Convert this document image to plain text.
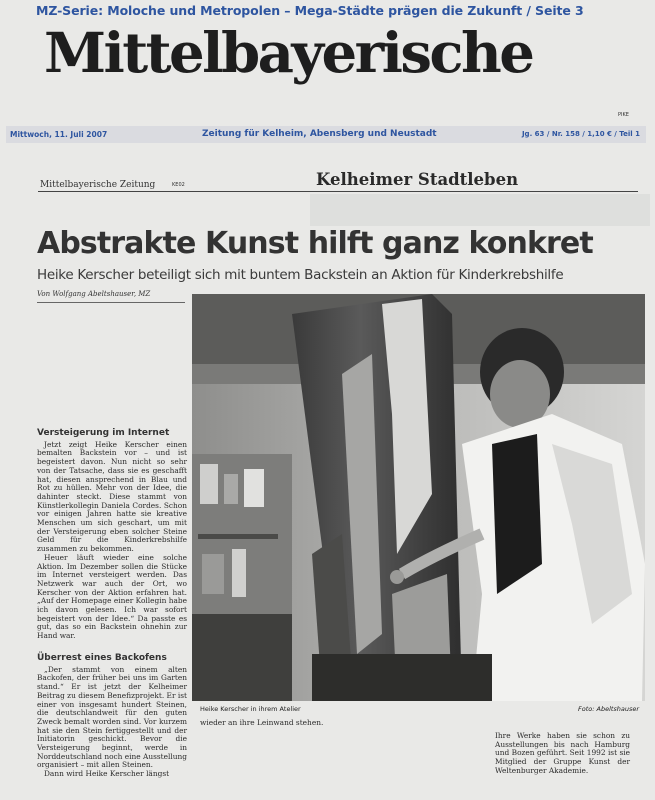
MZ-Serie: Moloche und Metropolen – Mega-Städte prägen die Zukunft / Seite 3
Mittelbayerische
PIKE
Mittwoch, 11. Juli 2007	Zeitung für Kelheim, Abensberg und Neustadt	Jg. 63 / Nr. 158 / 1,10 € / Teil 1
Mittelbayerische Zeitung	KE02	Kelheimer Stadtleben
Abstrakte Kunst hilft ganz konkret
Heike Kerscher beteiligt sich mit buntem Backstein an Aktion für Kinderkrebshilfe
Von Wolfgang Abeltshauser, MZ
Heike Kerscher in ihrem Atelier	Foto: Abeltshauser
Versteigerung im Internet

Jetzt zeigt Heike Kerscher einen bemalten Backstein vor – und ist begeistert davon. Nun nicht so sehr von der Tatsache, dass sie es geschafft hat, diesen ansprechend in Blau und Rot zu hüllen. Mehr von der Idee, die dahinter steckt. Diese stammt von Künstlerkollegin Daniela Cordes. Schon vor einigen Jahren hatte sie kreative Menschen um sich geschart, um mit der Versteigerung eben solcher Steine Geld für die Kinderkrebshilfe zusammen zu bekommen.

Heuer läuft wieder eine solche Aktion. Im Dezember sollen die Stücke im Internet versteigert werden. Das Netzwerk war auch der Ort, wo Kerscher von der Aktion erfahren hat. „Auf der Homepage einer Kollegin habe ich davon gelesen. Ich war sofort begeistert von der Idee.“ Da passte es gut, das so ein Backstein ohnehin zur Hand war.

Überrest eines Backofens

„Der stammt von einem alten Backofen, der früher bei uns im Garten stand.“ Er ist jetzt der Kelheimer Beitrag zu diesem Benefizprojekt. Er ist einer von insgesamt hundert Steinen, die deutschlandweit für den guten Zweck bemalt worden sind. Vor kurzem hat sie den Stein fertiggestellt und der Initiatorin geschickt. Bevor die Versteigerung beginnt, werde in Norddeutschland noch eine Ausstellung organisiert – mit allen Steinen.

Dann wird Heike Kerscher längst

wieder an ihre Leinwand stehen.

Ihre Werke haben sie schon zu Ausstellungen bis nach Hamburg und Bozen geführt. Seit 1992 ist sie Mitglied der Gruppe Kunst der Weltenburger Akademie.
